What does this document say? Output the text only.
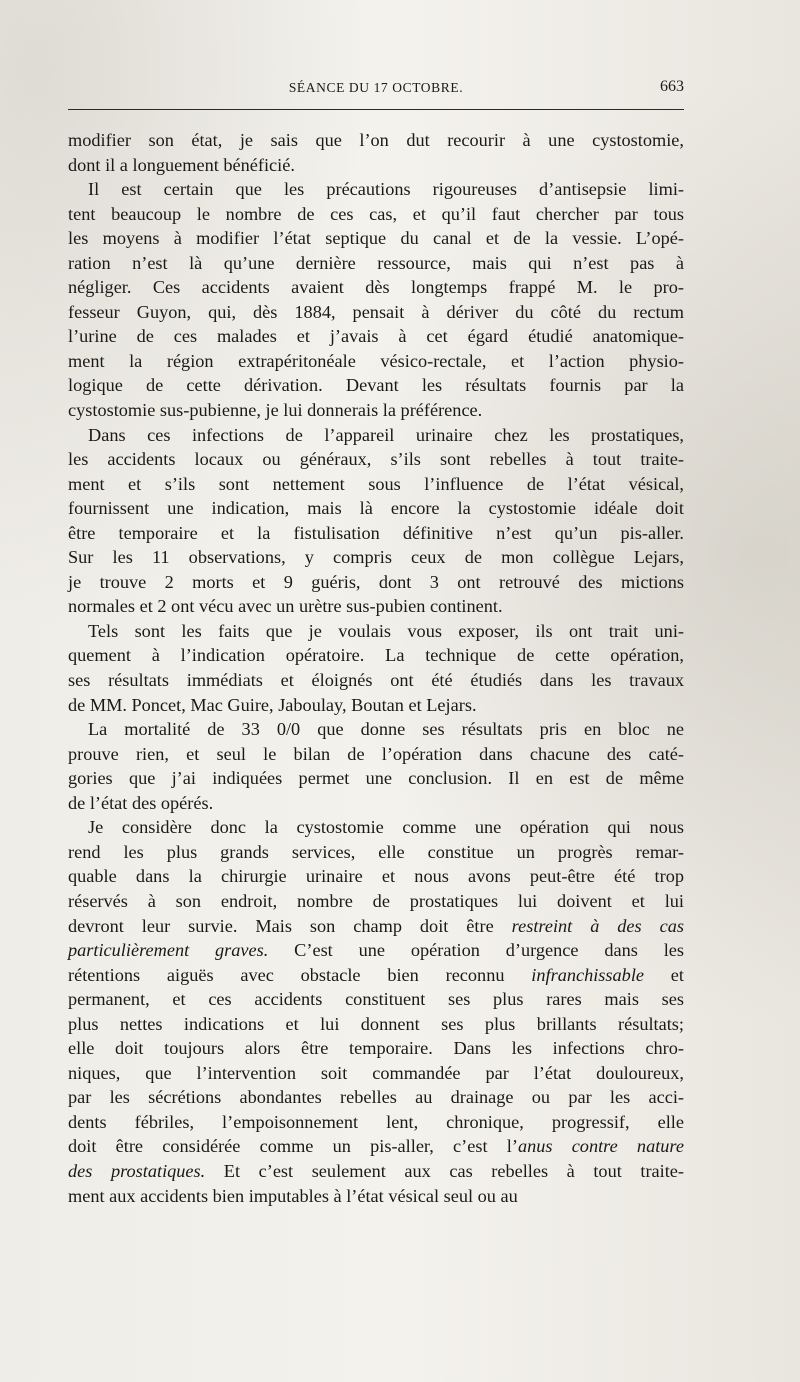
SÉANCE DU 17 OCTOBRE.	663
modifier son état, je sais que l’on dut recourir à une cystostomie,
dont il a longuement bénéficié.
Il est certain que les précautions rigoureuses d’antisepsie limi-
tent beaucoup le nombre de ces cas, et qu’il faut chercher par tous
les moyens à modifier l’état septique du canal et de la vessie. L’opé-
ration n’est là qu’une dernière ressource, mais qui n’est pas à
négliger. Ces accidents avaient dès longtemps frappé M. le pro-
fesseur Guyon, qui, dès 1884, pensait à dériver du côté du rectum
l’urine de ces malades et j’avais à cet égard étudié anatomique-
ment la région extrapéritonéale vésico-rectale, et l’action physio-
logique de cette dérivation. Devant les résultats fournis par la
cystostomie sus-pubienne, je lui donnerais la préférence.
Dans ces infections de l’appareil urinaire chez les prostatiques,
les accidents locaux ou généraux, s’ils sont rebelles à tout traite-
ment et s’ils sont nettement sous l’influence de l’état vésical,
fournissent une indication, mais là encore la cystostomie idéale doit
être temporaire et la fistulisation définitive n’est qu’un pis-aller.
Sur les 11 observations, y compris ceux de mon collègue Lejars,
je trouve 2 morts et 9 guéris, dont 3 ont retrouvé des mictions
normales et 2 ont vécu avec un urètre sus-pubien continent.
Tels sont les faits que je voulais vous exposer, ils ont trait uni-
quement à l’indication opératoire. La technique de cette opération,
ses résultats immédiats et éloignés ont été étudiés dans les travaux
de MM. Poncet, Mac Guire, Jaboulay, Boutan et Lejars.
La mortalité de 33 0/0 que donne ses résultats pris en bloc ne
prouve rien, et seul le bilan de l’opération dans chacune des caté-
gories que j’ai indiquées permet une conclusion. Il en est de même
de l’état des opérés.
Je considère donc la cystostomie comme une opération qui nous
rend les plus grands services, elle constitue un progrès remar-
quable dans la chirurgie urinaire et nous avons peut-être été trop
réservés à son endroit, nombre de prostatiques lui doivent et lui
devront leur survie. Mais son champ doit être restreint à des cas
particulièrement graves. C’est une opération d’urgence dans les
rétentions aiguës avec obstacle bien reconnu infranchissable et
permanent, et ces accidents constituent ses plus rares mais ses
plus nettes indications et lui donnent ses plus brillants résultats;
elle doit toujours alors être temporaire. Dans les infections chro-
niques, que l’intervention soit commandée par l’état douloureux,
par les sécrétions abondantes rebelles au drainage ou par les acci-
dents fébriles, l’empoisonnement lent, chronique, progressif, elle
doit être considérée comme un pis-aller, c’est l’anus contre nature
des prostatiques. Et c’est seulement aux cas rebelles à tout traite-
ment aux accidents bien imputables à l’état vésical seul ou au
